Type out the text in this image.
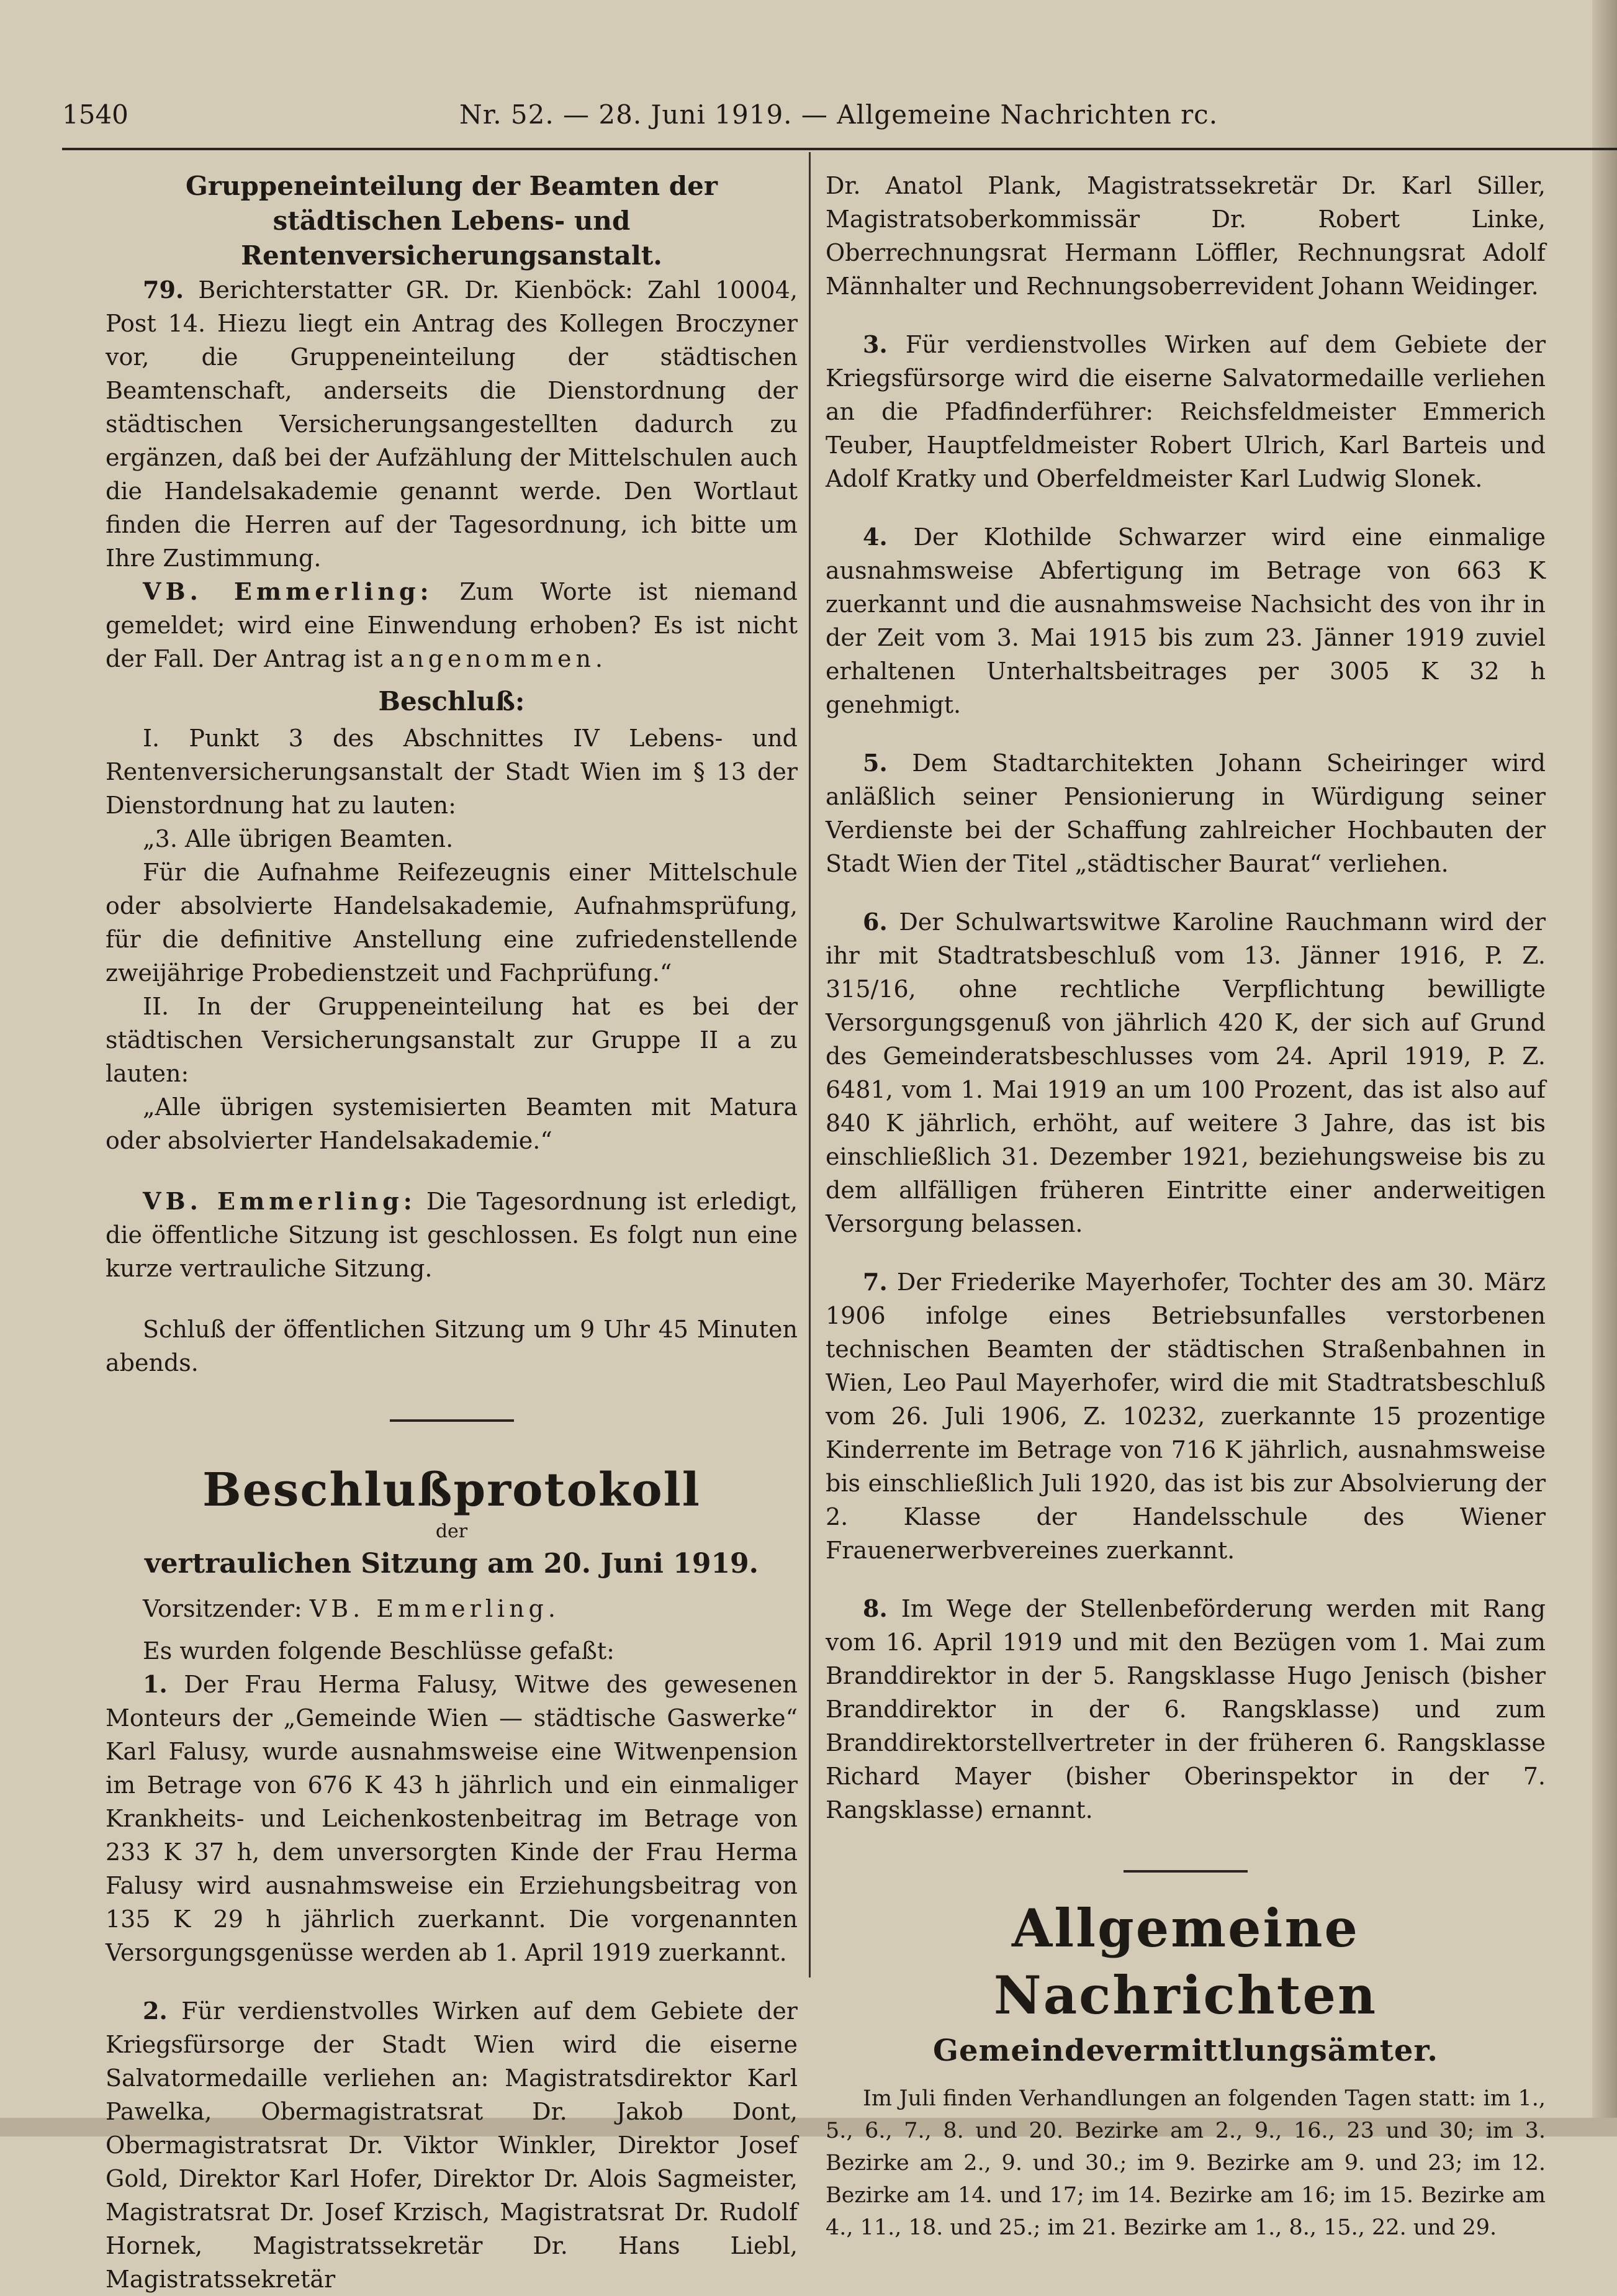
1540	Nr. 52. — 28. Juni 1919. — Allgemeine Nachrichten rc.
Gruppeneinteilung der Beamten der städtischen Lebens- und Rentenversicherungsanstalt.

79. Berichterstatter GR. Dr. Kienböck: Zahl 10004, Post 14. Hiezu liegt ein Antrag des Kollegen Broczyner vor, die Gruppeneinteilung der städtischen Beamtenschaft, anderseits die Dienstordnung der städtischen Versicherungsangestellten dadurch zu ergänzen, daß bei der Aufzählung der Mittelschulen auch die Handelsakademie genannt werde. Den Wortlaut finden die Herren auf der Tagesordnung, ich bitte um Ihre Zustimmung.

VB. Emmerling: Zum Worte ist niemand gemeldet; wird eine Einwendung erhoben? Es ist nicht der Fall. Der Antrag ist angenommen.

Beschluß:

I. Punkt 3 des Abschnittes IV Lebens- und Rentenversicherungsanstalt der Stadt Wien im § 13 der Dienstordnung hat zu lauten:

„3. Alle übrigen Beamten.

Für die Aufnahme Reifezeugnis einer Mittelschule oder absolvierte Handelsakademie, Aufnahmsprüfung, für die definitive Anstellung eine zufriedenstellende zweijährige Probedienstzeit und Fachprüfung.“

II. In der Gruppeneinteilung hat es bei der städtischen Versicherungsanstalt zur Gruppe II a zu lauten:

„Alle übrigen systemisierten Beamten mit Matura oder absolvierter Handelsakademie.“

VB. Emmerling: Die Tagesordnung ist erledigt, die öffentliche Sitzung ist geschlossen. Es folgt nun eine kurze vertrauliche Sitzung.

Schluß der öffentlichen Sitzung um 9 Uhr 45 Minuten abends.

Beschlußprotokoll
der
vertraulichen Sitzung am 20. Juni 1919.

Vorsitzender: VB. Emmerling.

Es wurden folgende Beschlüsse gefaßt:

1. Der Frau Herma Falusy, Witwe des gewesenen Monteurs der „Gemeinde Wien — städtische Gaswerke“ Karl Falusy, wurde ausnahmsweise eine Witwenpension im Betrage von 676 K 43 h jährlich und ein einmaliger Krankheits- und Leichenkostenbeitrag im Betrage von 233 K 37 h, dem unversorgten Kinde der Frau Herma Falusy wird ausnahmsweise ein Erziehungsbeitrag von 135 K 29 h jährlich zuerkannt. Die vorgenannten Versorgungsgenüsse werden ab 1. April 1919 zuerkannt.

2. Für verdienstvolles Wirken auf dem Gebiete der Kriegsfürsorge der Stadt Wien wird die eiserne Salvatormedaille verliehen an: Magistratsdirektor Karl Pawelka, Obermagistratsrat Dr. Jakob Dont, Obermagistratsrat Dr. Viktor Winkler, Direktor Josef Gold, Direktor Karl Hofer, Direktor Dr. Alois Sagmeister, Magistratsrat Dr. Josef Krzisch, Magistratsrat Dr. Rudolf Hornek, Magistratssekretär Dr. Hans Liebl, Magistratssekretär

Dr. Anatol Plank, Magistratssekretär Dr. Karl Siller, Magistratsoberkommissär Dr. Robert Linke, Oberrechnungsrat Hermann Löffler, Rechnungsrat Adolf Männhalter und Rechnungsoberrevident Johann Weidinger.

3. Für verdienstvolles Wirken auf dem Gebiete der Kriegsfürsorge wird die eiserne Salvatormedaille verliehen an die Pfadfinderführer: Reichsfeldmeister Emmerich Teuber, Hauptfeldmeister Robert Ulrich, Karl Barteis und Adolf Kratky und Oberfeldmeister Karl Ludwig Slonek.

4. Der Klothilde Schwarzer wird eine einmalige ausnahmsweise Abfertigung im Betrage von 663 K zuerkannt und die ausnahmsweise Nachsicht des von ihr in der Zeit vom 3. Mai 1915 bis zum 23. Jänner 1919 zuviel erhaltenen Unterhaltsbeitrages per 3005 K 32 h genehmigt.

5. Dem Stadtarchitekten Johann Scheiringer wird anläßlich seiner Pensionierung in Würdigung seiner Verdienste bei der Schaffung zahlreicher Hochbauten der Stadt Wien der Titel „städtischer Baurat“ verliehen.

6. Der Schulwartswitwe Karoline Rauchmann wird der ihr mit Stadtratsbeschluß vom 13. Jänner 1916, P. Z. 315/16, ohne rechtliche Verpflichtung bewilligte Versorgungsgenuß von jährlich 420 K, der sich auf Grund des Gemeinderatsbeschlusses vom 24. April 1919, P. Z. 6481, vom 1. Mai 1919 an um 100 Prozent, das ist also auf 840 K jährlich, erhöht, auf weitere 3 Jahre, das ist bis einschließlich 31. Dezember 1921, beziehungsweise bis zu dem allfälligen früheren Eintritte einer anderweitigen Versorgung belassen.

7. Der Friederike Mayerhofer, Tochter des am 30. März 1906 infolge eines Betriebsunfalles verstorbenen technischen Beamten der städtischen Straßenbahnen in Wien, Leo Paul Mayerhofer, wird die mit Stadtratsbeschluß vom 26. Juli 1906, Z. 10232, zuerkannte 15 prozentige Kinderrente im Betrage von 716 K jährlich, ausnahmsweise bis einschließlich Juli 1920, das ist bis zur Absolvierung der 2. Klasse der Handelsschule des Wiener Frauenerwerbvereines zuerkannt.

8. Im Wege der Stellenbeförderung werden mit Rang vom 16. April 1919 und mit den Bezügen vom 1. Mai zum Branddirektor in der 5. Rangsklasse Hugo Jenisch (bisher Branddirektor in der 6. Rangsklasse) und zum Branddirektorstellvertreter in der früheren 6. Rangsklasse Richard Mayer (bisher Oberinspektor in der 7. Rangsklasse) ernannt.

Allgemeine Nachrichten
Gemeindevermittlungsämter.

Im Juli finden Verhandlungen an folgenden Tagen statt: im 1., 5., 6., 7., 8. und 20. Bezirke am 2., 9., 16., 23 und 30; im 3. Bezirke am 2., 9. und 30.; im 9. Bezirke am 9. und 23; im 12. Bezirke am 14. und 17; im 14. Bezirke am 16; im 15. Bezirke am 4., 11., 18. und 25.; im 21. Bezirke am 1., 8., 15., 22. und 29.
